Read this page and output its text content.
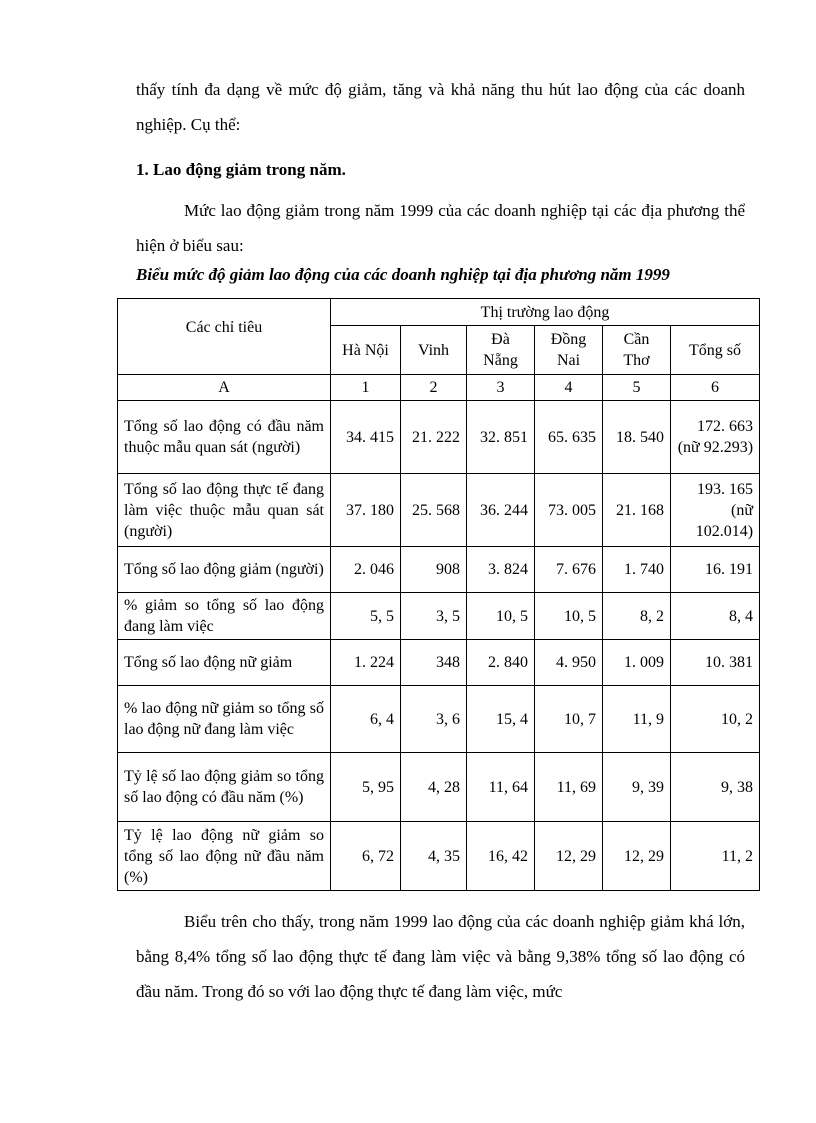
thấy tính đa dạng về mức độ giảm, tăng và khả năng thu hút lao động của các doanh nghiệp. Cụ thể:

1. Lao động giảm trong năm.

Mức lao động giảm trong năm 1999 của các doanh nghiệp tại các địa phương thể hiện ở biểu sau:

Biểu mức độ giảm lao động của các doanh nghiệp tại địa phương năm 1999

Các chỉ tiêu	Thị trường lao động					
	Hà Nội	Vinh	Đà Nẵng	Đồng Nai	Cần Thơ	Tổng số
A	1	2	3	4	5	6
Tổng số lao động có đầu năm thuộc mẫu quan sát (người)	34. 415	21. 222	32. 851	65. 635	18. 540	172. 663 (nữ 92.293)
Tổng số lao động thực tế đang làm việc thuộc mẫu quan sát (người)	37. 180	25. 568	36. 244	73. 005	21. 168	193. 165 (nữ 102.014)
Tổng số lao động giảm (người)	2. 046	908	3. 824	7. 676	1. 740	16. 191
% giảm so tổng số lao động đang làm việc	5, 5	3, 5	10, 5	10, 5	8, 2	8, 4
Tổng số lao động nữ giảm	1. 224	348	2. 840	4. 950	1. 009	10. 381
% lao động nữ giảm so tổng số lao động nữ đang làm việc	6, 4	3, 6	15, 4	10, 7	11, 9	10, 2
Tỷ lệ số lao động giảm so tổng số lao động có đầu năm (%)	5, 95	4, 28	11, 64	11, 69	9, 39	9, 38
Tỷ lệ lao động nữ giảm so tổng số lao động nữ đầu năm (%)	6, 72	4, 35	16, 42	12, 29	12, 29	11, 2

Biểu trên cho thấy, trong năm 1999 lao động của các doanh nghiệp giảm khá lớn, bằng 8,4% tổng số lao động thực tế đang làm việc và bằng 9,38% tổng số lao động có đầu năm. Trong đó so với lao động thực tế đang làm việc, mức
